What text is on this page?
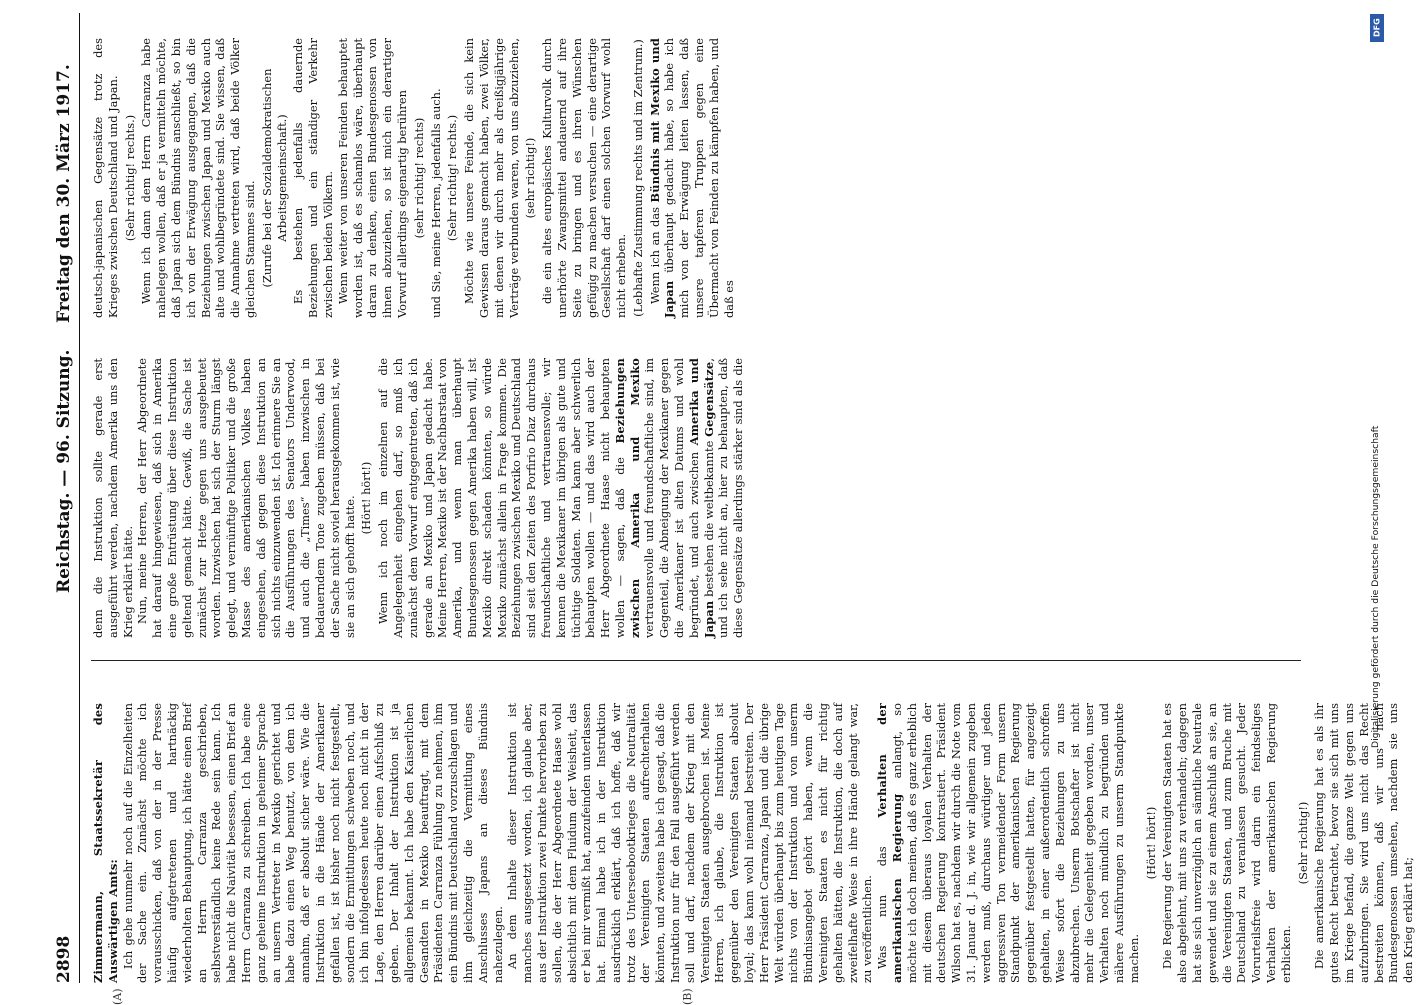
2898
Reichstag. — 96. Sitzung.
Freitag den 30. März 1917.

Zimmermann, Staatssekretär des Auswärtigen Amts: Ich gehe nunmehr noch auf die Einzelheiten der Sache ein. Zunächst möchte ich vorausschicken, daß von der in der Presse häufig aufgetretenen und hartnäckig wiederholten Behauptung, ich hätte einen Brief an Herrn Carranza geschrieben, selbstverständlich keine Rede sein kann. Ich habe nicht die Naivität besessen, einen Brief an Herrn Carranza zu schreiben. Ich habe eine ganz geheime Instruktion in geheimer Sprache an unsern Vertreter in Mexiko gerichtet und habe dazu einen Weg benutzt, von dem ich annahm, daß er absolut sicher wäre. Wie die Instruktion in die Hände der Amerikaner gefallen ist, ist bisher noch nicht festgestellt, sondern die Ermittlungen schweben noch, und ich bin infolgedessen heute noch nicht in der Lage, den Herren darüber einen Aufschluß zu geben. Der Inhalt der Instruktion ist ja allgemein bekannt. Ich habe den Kaiserlichen Gesandten in Mexiko beauftragt, mit dem Präsidenten Carranza Fühlung zu nehmen, ihm ein Bündnis mit Deutschland vorzuschlagen und ihm gleichzeitig die Vermittlung eines Anschlusses Japans an dieses Bündnis nahezulegen. An dem Inhalte dieser Instruktion ist manches ausgesetzt worden, ich glaube aber, aus der Instruktion zwei Punkte hervorheben zu sollen, die der Herr Abgeordnete Haase wohl absichtlich mit dem Fluidum der Weisheit, das er bei mir vermißt hat, anzufeinden unterlassen hat. Einmal habe ich in der Instruktion ausdrücklich erklärt, daß ich hoffe, daß wir trotz des Unterseebootkrieges die Neutralität der Vereinigten Staaten aufrechterhalten könnten, und zweitens habe ich gesagt, daß die Instruktion nur für den Fall ausgeführt werden soll und darf, nachdem der Krieg mit den Vereinigten Staaten ausgebrochen ist. Meine Herren, ich glaube, die Instruktion ist gegenüber den Vereinigten Staaten absolut loyal; das kann wohl niemand bestreiten. Der Herr Präsident Carranza, Japan und die übrige Welt würden überhaupt bis zum heutigen Tage nichts von der Instruktion und von unserm Bündnisangebot gehört haben, wenn die Vereinigten Staaten es nicht für richtig gehalten hätten, die Instruktion, die doch auf zweifelhafte Weise in ihre Hände gelangt war, zu veröffentlichen. Was nun das Verhalten der amerikanischen Regierung anlangt, so möchte ich doch meinen, daß es ganz erheblich mit diesem überaus loyalen Verhalten der deutschen Regierung kontrastiert. Präsident Wilson hat es, nachdem wir durch die Note vom 31. Januar d. J. in, wie wir allgemein zugeben werden muß, durchaus würdiger und jeden aggressiven Ton vermeidender Form unsern Standpunkt der amerikanischen Regierung gegenüber festgestellt hatten, für angezeigt gehalten, in einer außerordentlich schroffen Weise sofort die Beziehungen zu uns abzubrechen. Unserm Botschafter ist nicht mehr die Gelegenheit gegeben worden, unser Verhalten noch mündlich zu begründen und nähere Ausführungen zu unserm Standpunkte machen.

(Hört! hört!) Die Regierung der Vereinigten Staaten hat es also abgelehnt, mit uns zu verhandeln; dagegen hat sie sich unverzüglich an sämtliche Neutrale gewendet und sie zu einem Anschluß an sie, an die Vereinigten Staaten, und zum Bruche mit Deutschland zu veranlassen gesucht. Jeder Vorurteilsfreie wird darin ein feindseliges Verhalten der amerikanischen Regierung erblicken.

(Sehr richtig!) Die amerikanische Regierung hat es als ihr gutes Recht betrachtet, bevor sie sich mit uns im Kriege befand, die ganze Welt gegen uns aufzubringen. Sie wird uns nicht das Recht bestreiten können, daß wir uns nach Bundesgenossen umsehen, nachdem sie uns den Krieg erklärt hat;

denn die Instruktion sollte gerade erst ausgeführt werden, nachdem Amerika uns den Krieg erklärt hätte. Nun, meine Herren, der Herr Abgeordnete hat darauf hingewiesen, daß sich in Amerika eine große Entrüstung über diese Instruktion geltend gemacht hätte. Gewiß, die Sache ist zunächst zur Hetze gegen uns ausgebeutet worden. Inzwischen hat sich der Sturm längst gelegt, und vernünftige Politiker und die große Masse des amerikanischen Volkes haben eingesehen, daß gegen diese Instruktion an sich nichts einzuwenden ist. Ich erinnere Sie an die Ausführungen des Senators Underwood, und auch die „Times“ haben inzwischen in bedauerndem Tone zugeben müssen, daß bei der Sache nicht soviel herausgekommen ist, wie sie an sich gehofft hatte. (Hört! hört!) Wenn ich noch im einzelnen auf die Angelegenheit eingehen darf, so muß ich zunächst dem Vorwurf entgegentreten, daß ich gerade an Mexiko und Japan gedacht habe. Meine Herren, Mexiko ist der Nachbarstaat von Amerika, und wenn man überhaupt Bundesgenossen gegen Amerika haben will, ist Mexiko direkt schaden könnten, so würde Mexiko zunächst allein in Frage kommen. Die Beziehungen zwischen Mexiko und Deutschland sind seit den Zeiten des Porfirio Diaz durchaus freundschaftliche und vertrauensvolle; wir kennen die Mexikaner im übrigen als gute und tüchtige Soldaten. Man kann aber schwerlich behaupten wollen — und das wird auch der Herr Abgeordnete Haase nicht behaupten wollen — sagen, daß die Beziehungen zwischen Amerika und Mexiko vertrauensvolle und freundschaftliche sind, im Gegenteil, die Abneigung der Mexikaner gegen die Amerikaner ist alten Datums und wohl begründet, und auch zwischen Amerika und Japan bestehen die weltbekannte Gegensätze, und ich sehe nicht an, hier zu behaupten, daß diese Gegensätze allerdings stärker sind als die deutsch-japanischen Gegensätze trotz des Krieges zwischen Deutschland und Japan. (Sehr richtig! rechts.) Wenn ich dann dem Herrn Carranza habe nahelegen wollen, daß er ja vermitteln möchte, daß Japan sich dem Bündnis anschließt, so bin ich von der Erwägung ausgegangen, daß die Beziehungen zwischen Japan und Mexiko auch alte und wohlbegründete sind. Sie wissen, daß die Annahme vertreten wird, daß beide Völker gleichen Stammes sind. (Zurufe bei der Sozialdemokratischen Arbeitsgemeinschaft.) Es bestehen jedenfalls dauernde Beziehungen und ein ständiger Verkehr zwischen beiden Völkern. Wenn weiter von unseren Feinden behauptet worden ist, daß es schamlos wäre, überhaupt daran zu denken, einen Bundesgenossen von ihnen abzuziehen, so ist mich ein derartiger Vorwurf allerdings eigenartig berühren (sehr richtig! rechts) und Sie, meine Herren, jedenfalls auch. (Sehr richtig! rechts.) Möchte wie unsere Feinde, die sich kein Gewissen daraus gemacht haben, zwei Völker, mit denen wir durch mehr als dreißigjährige Verträge verbunden waren, von uns abzuziehen, (sehr richtig!) die ein altes europäisches Kulturvolk durch unerhörte Zwangsmittel andauernd auf ihre Seite zu bringen und es ihren Wünschen gefügig zu machen versuchen — eine derartige Gesellschaft darf einen solchen Vorwurf wohl nicht erheben. (Lebhafte Zustimmung rechts und im Zentrum.) Wenn ich an das Bündnis mit Mexiko und Japan überhaupt gedacht habe, so habe ich mich von der Erwägung leiten lassen, daß unsere tapferen Truppen gegen eine Übermacht von Feinden zu kämpfen haben, und daß es

(A)	(B)
DFG
Digitalisierung gefördert durch die Deutsche Forschungsgemeinschaft
